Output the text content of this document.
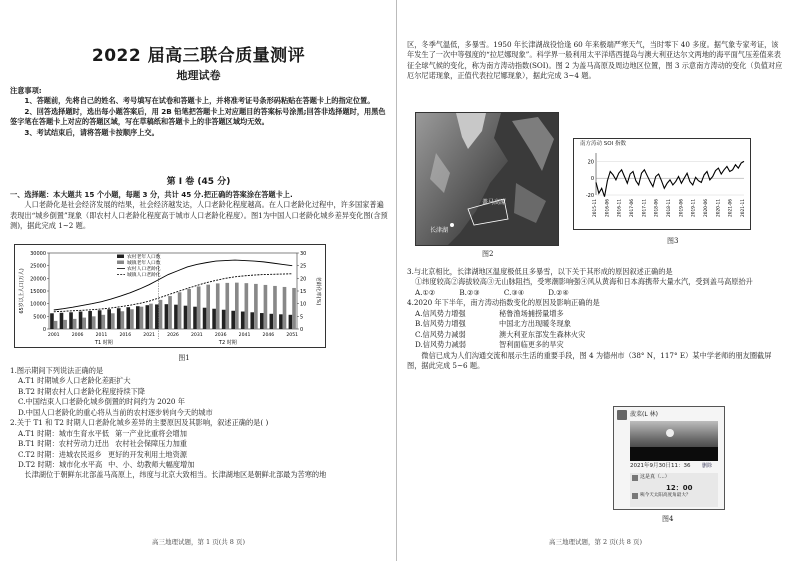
2022 届高三联合质量测评
地理试卷
注意事项:
1、答题前，先将自己的姓名、考号填写在试卷和答题卡上，并将准考证号条形码粘贴在答题卡上的指定位置。
2、回答选择题时，选出每小题答案后，用 2B 铅笔把答题卡上对应题目的答案标号涂黑;回答非选择题时，用黑色签字笔在答题卡上对应的答题区域，写在草稿纸和答题卡上的非答题区域均无效。
3、考试结束后，请将答题卡按顺序上交。
第 Ⅰ 卷 (45 分)
一、选择题：本大题共 15 个小题，每题 3 分，共计 45 分.把正确的答案涂在答题卡上.
人口老龄化是社会经济发展的结果，社会经济越发达，人口老龄化程度越高。在人口老龄化过程中，许多国家普遍表现出“城乡倒置”现象（即农村人口老龄化程度高于城市人口老龄化程度）。图1为中国人口老龄化城乡差异变化图(含预测)，据此完成 1~2 题。
0
5000
10000
15000
20000
25000
30000
0
5
10
15
20
25
30
65岁以上人口(万人)	老龄化率(%)
2001	2006	2011	2016	2021	2026	2031	2036	2041	2046	2051
T1 时期	T2 时期
农村老年人口数
城镇老年人口数
农村人口老龄化
城镇人口老龄化
图1
1.图示期间下列说法正确的是
A.T1 时期城乡人口老龄化差距扩大
B.T2 时期农村人口老龄化程度持续下降
C.中国结束人口老龄化城乡倒置的时间约为 2020 年
D.中国人口老龄化的重心将从当前的农村逐步转向今天的城市
2.关于 T1 和 T2 时期人口老龄化城乡差异的主要原因及其影响，叙述正确的是( )
A.T1 时期：城市生育水平低 第一产业比重将会增加
B.T1 时期：农村劳动力迁出 农村社会保障压力加重
C.T2 时期：进城农民返乡 更好的开发利用土地资源
D.T2 时期：城市化水平高 中、小、幼教师大幅度增加
长津湖位于朝鲜东北部盖马高原上，纬度与北京大致相当。长津湖地区是朝鲜北部最为苦寒的地
高三地理试题，第 1 页(共 8 页)
区，冬季气温低，多暴雪。1950 年长津湖战役恰逢 60 年来极端严寒天气，当时零下 40 多度。据气象专家考证，该年发生了一次中等强度的“拉尼娜现象”。科学界一般利用太平洋塔西提岛与澳大利亚达尔文两地的海平面气压差值来表征全球气候的变化，称为南方涛动指数(SOI)。图 2 为盖马高原及周边地区位置，图 3 示意南方涛动的变化（负值对应厄尔尼诺现象，正值代表拉尼娜现象），据此完成 3~4 题。
盖马高原
长津湖
图2
南方涛动 SOI 指数
-20
0
20
2015-11 2016-06 2016-11 2017-06 2017-11 2018-06 2018-11 2019-06 2019-11 2020-06 2020-11 2021-06 2021-11
图3
3.与北京相比，长津湖地区温度极低且多暴雪，以下关于其形成的原因叙述正确的是
①纬度较高②海拔较高③无山脉阻挡，受寒潮影响强④风从黄海和日本海携带大量水汽，受到盖马高原抬升
A.①②	B.②③	C.③④	D.②④
4.2020 年下半年，南方涛动指数变化的原因及影响正确的是
A.信风势力增强	秘鲁渔场捕捞量增多
B.信风势力增强	中国北方出现暖冬现象
C.信风势力减弱	澳大利亚东部发生森林火灾
D.信风势力减弱	智利面临更多的旱灾
微信已成为人们沟通交流和展示生活的重要手段，图 4 为德州市（38° N，117° E）某中学老师的朋友圈截屏图，据此完成 5~6 题。
菠菜(L 林)
2021年9月30日11：36 删除
这是真（...）
12：00
咦今天太阳高度角最大？
图4
高三地理试题，第 2 页(共 8 页)
